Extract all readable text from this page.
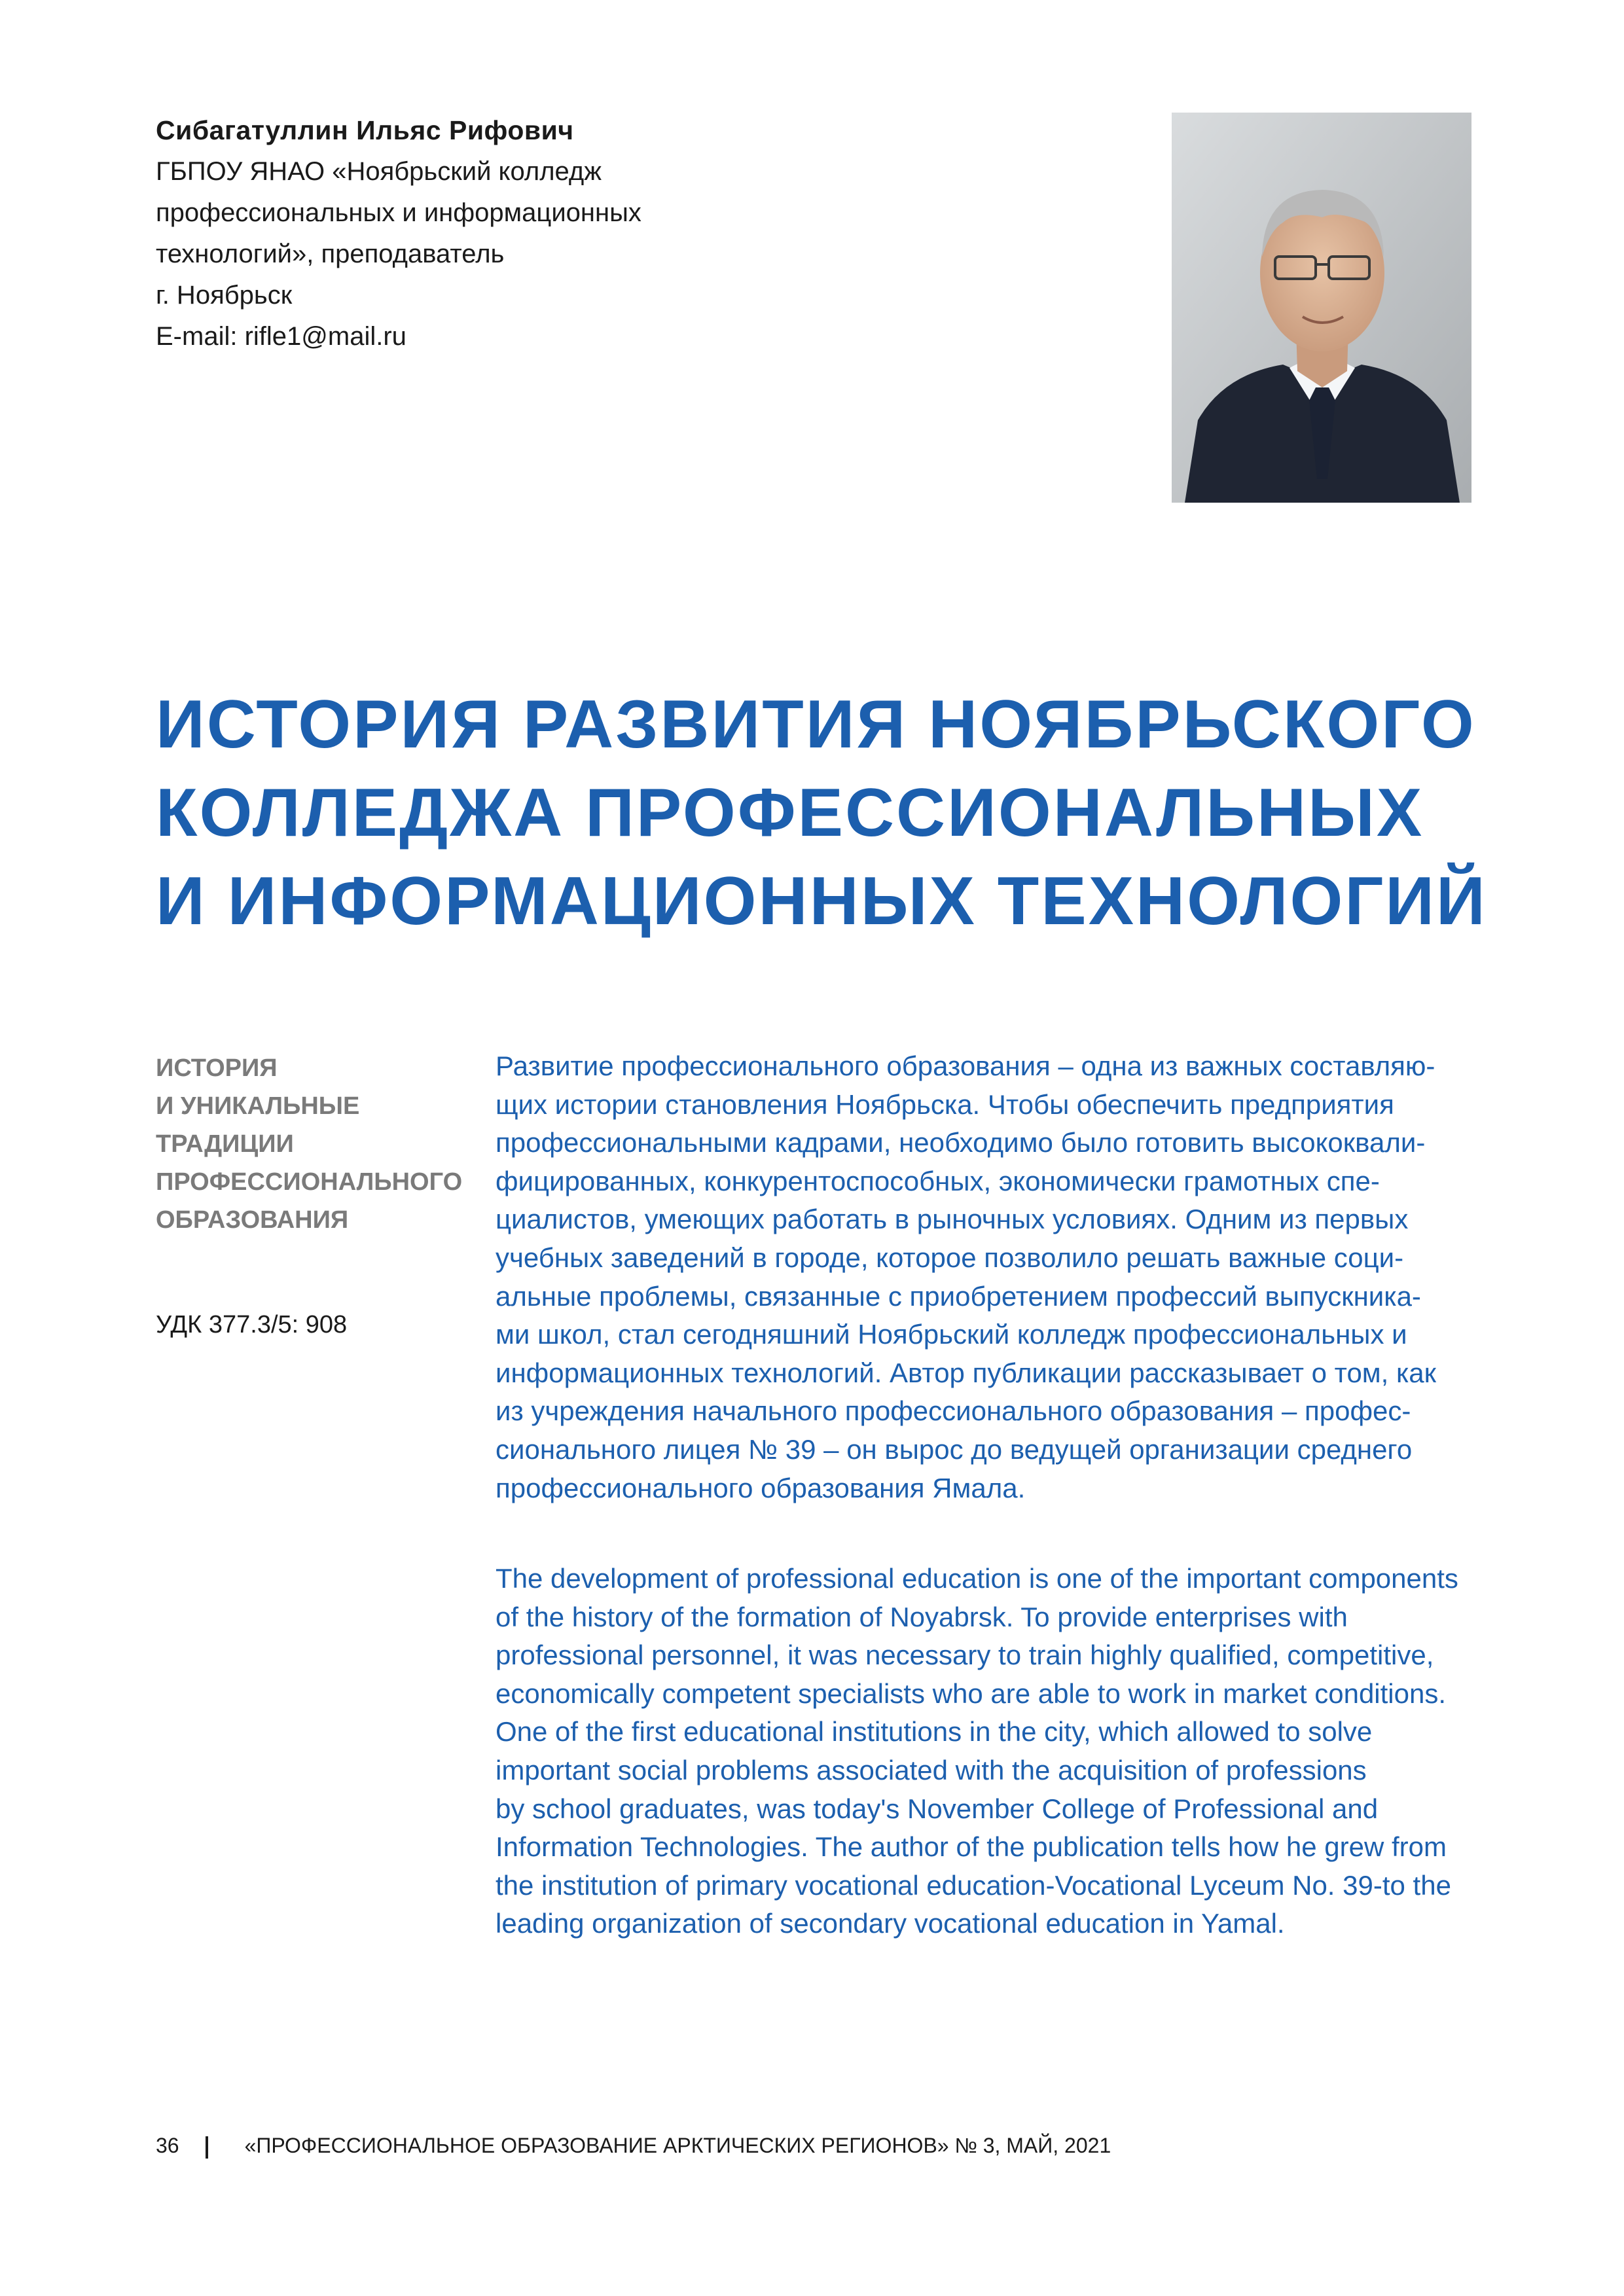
Сибагатуллин Ильяс Рифович
ГБПОУ ЯНАО «Ноябрьский колледж
профессиональных и информационных
технологий», преподаватель
г. Ноябрьск
E-mail: rifle1@mail.ru
ИСТОРИЯ РАЗВИТИЯ НОЯБРЬСКОГО
КОЛЛЕДЖА ПРОФЕССИОНАЛЬНЫХ
И ИНФОРМАЦИОННЫХ ТЕХНОЛОГИЙ
ИСТОРИЯ
И УНИКАЛЬНЫЕ
ТРАДИЦИИ
ПРОФЕССИОНАЛЬНОГО
ОБРАЗОВАНИЯ
УДК 377.3/5: 908
Развитие профессионального образования – одна из важных составляю-
щих истории становления Ноябрьска. Чтобы обеспечить предприятия
профессиональными кадрами, необходимо было готовить высококвали-
фицированных, конкурентоспособных, экономически грамотных спе-
циалистов, умеющих работать в рыночных условиях. Одним из первых
учебных заведений в городе, которое позволило решать важные соци-
альные проблемы, связанные с приобретением профессий выпускника-
ми школ, стал сегодняшний Ноябрьский колледж профессиональных и
информационных технологий. Автор публикации рассказывает о том, как
из учреждения начального профессионального образования – профес-
сионального лицея № 39 – он вырос до ведущей организации среднего
профессионального образования Ямала.
The development of professional education is one of the important components
of the history of the formation of Noyabrsk. To provide enterprises with
professional personnel, it was necessary to train highly qualified, competitive,
economically competent specialists who are able to work in market conditions.
One of the first educational institutions in the city, which allowed to solve
important social problems associated with the acquisition of professions
by school graduates, was today's November College of Professional and
Information Technologies. The author of the publication tells how he grew from
the institution of primary vocational education-Vocational Lyceum No. 39-to the
leading organization of secondary vocational education in Yamal.
36	«ПРОФЕССИОНАЛЬНОЕ ОБРАЗОВАНИЕ АРКТИЧЕСКИХ РЕГИОНОВ» № 3, МАЙ, 2021
